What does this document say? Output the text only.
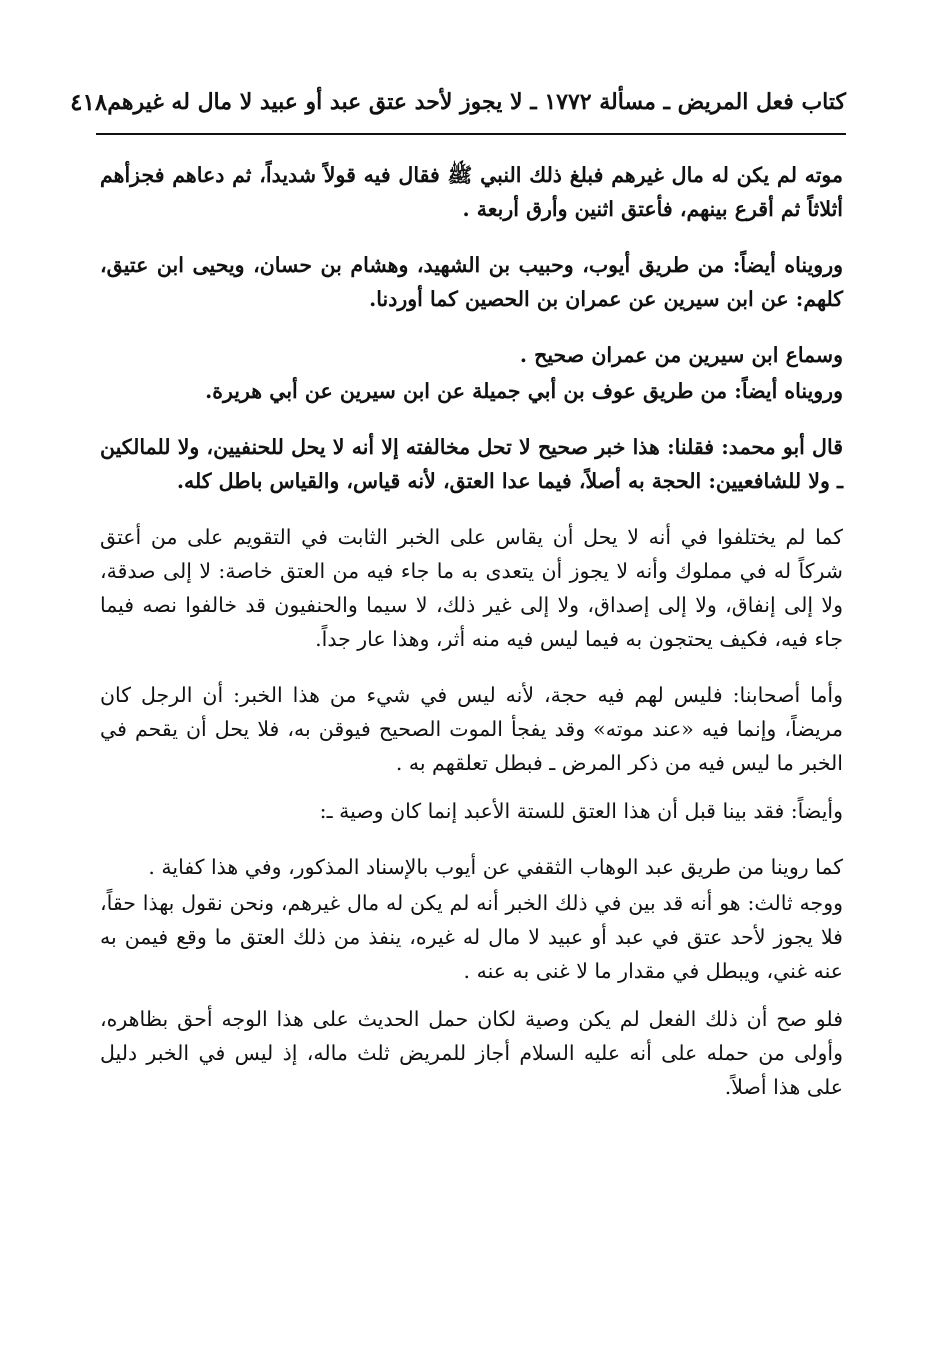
كتاب فعل المريض ـ مسألة ١٧٧٢ ـ لا يجوز لأحد عتق عبد أو عبيد لا مال له غيرهم
٤١٨

موته لم يكن له مال غيرهم فبلغ ذلك النبي ﷺ فقال فيه قولاً شديداً، ثم دعاهم فجزأهم أثلاثاً ثم أقرع بينهم، فأعتق اثنين وأرق أربعة .

ورويناه أيضاً: من طريق أيوب، وحبيب بن الشهيد، وهشام بن حسان، ويحيى ابن عتيق، كلهم: عن ابن سيرين عن عمران بن الحصين كما أوردنا.

وسماع ابن سيرين من عمران صحيح .

ورويناه أيضاً: من طريق عوف بن أبي جميلة عن ابن سيرين عن أبي هريرة.

قال أبو محمد: فقلنا: هذا خبر صحيح لا تحل مخالفته إلا أنه لا يحل للحنفيين، ولا للمالكين ـ ولا للشافعيين: الحجة به أصلاً، فيما عدا العتق، لأنه قياس، والقياس باطل كله.

كما لم يختلفوا في أنه لا يحل أن يقاس على الخبر الثابت في التقويم على من أعتق شركاً له في مملوك وأنه لا يجوز أن يتعدى به ما جاء فيه من العتق خاصة: لا إلى صدقة، ولا إلى إنفاق، ولا إلى إصداق، ولا إلى غير ذلك، لا سيما والحنفيون قد خالفوا نصه فيما جاء فيه، فكيف يحتجون به فيما ليس فيه منه أثر، وهذا عار جداً.

وأما أصحابنا: فليس لهم فيه حجة، لأنه ليس في شيء من هذا الخبر: أن الرجل كان مريضاً، وإنما فيه «عند موته» وقد يفجأ الموت الصحيح فيوقن به، فلا يحل أن يقحم في الخبر ما ليس فيه من ذكر المرض ـ فبطل تعلقهم به .

وأيضاً: فقد بينا قبل أن هذا العتق للستة الأعبد إنما كان وصية ـ:

كما روينا من طريق عبد الوهاب الثقفي عن أيوب بالإسناد المذكور، وفي هذا كفاية .

ووجه ثالث: هو أنه قد بين في ذلك الخبر أنه لم يكن له مال غيرهم، ونحن نقول بهذا حقاً، فلا يجوز لأحد عتق في عبد أو عبيد لا مال له غيره، ينفذ من ذلك العتق ما وقع فيمن به عنه غني، ويبطل في مقدار ما لا غنى به عنه .

فلو صح أن ذلك الفعل لم يكن وصية لكان حمل الحديث على هذا الوجه أحق بظاهره، وأولى من حمله على أنه عليه السلام أجاز للمريض ثلث ماله، إذ ليس في الخبر دليل على هذا أصلاً.
